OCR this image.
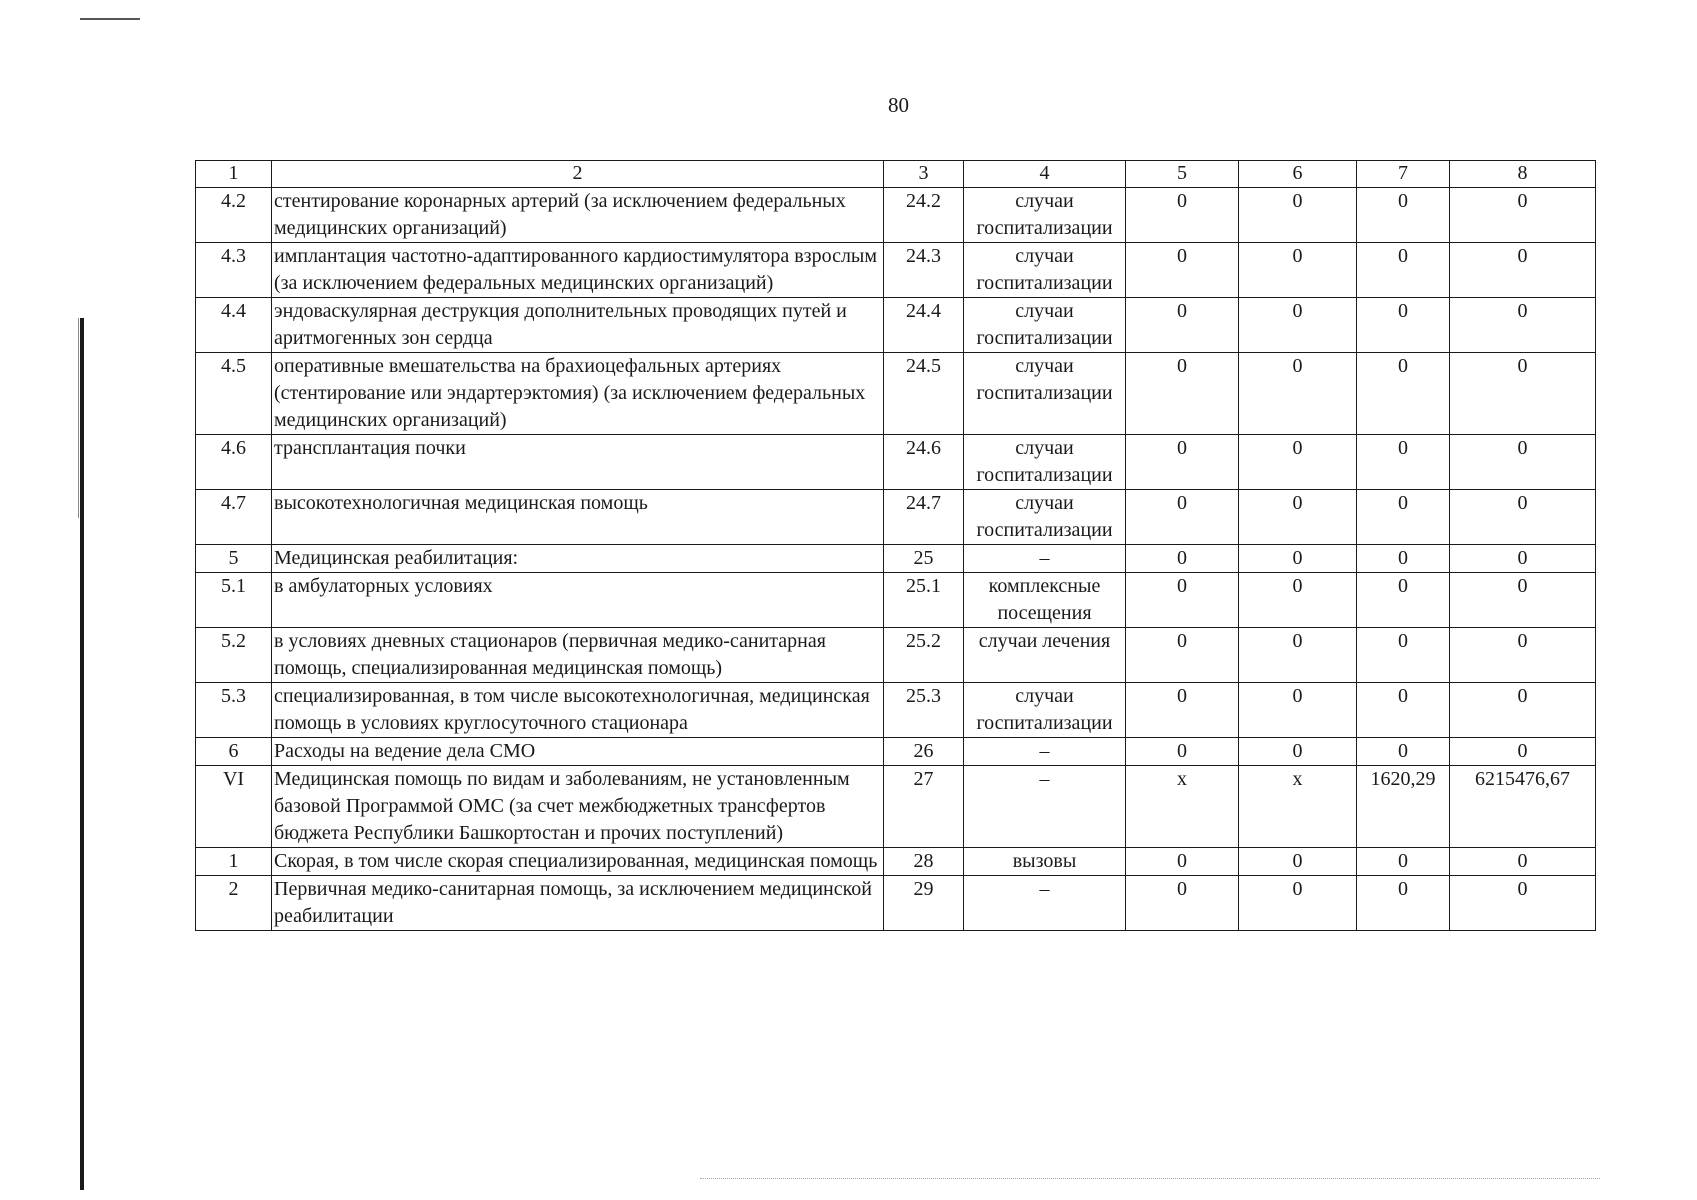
80
1	2	3	4	5	6	7	8
4.2	стентирование коронарных артерий (за исключением федеральных медицинских организаций)	24.2	случаи госпитализации	0	0	0	0
4.3	имплантация частотно-адаптированного кардиостимулятора взрослым (за исключением федеральных медицинских организаций)	24.3	случаи госпитализации	0	0	0	0
4.4	эндоваскулярная деструкция дополнительных проводящих путей и аритмогенных зон сердца	24.4	случаи госпитализации	0	0	0	0
4.5	оперативные вмешательства на брахиоцефальных артериях (стентирование или эндартерэктомия) (за исключением федеральных медицинских организаций)	24.5	случаи госпитализации	0	0	0	0
4.6	трансплантация почки	24.6	случаи госпитализации	0	0	0	0
4.7	высокотехнологичная медицинская помощь	24.7	случаи госпитализации	0	0	0	0
5	Медицинская реабилитация:	25	–	0	0	0	0
5.1	в амбулаторных условиях	25.1	комплексные посещения	0	0	0	0
5.2	в условиях дневных стационаров (первичная медико-санитарная помощь, специализированная медицинская помощь)	25.2	случаи лечения	0	0	0	0
5.3	специализированная, в том числе высокотехнологичная, медицинская помощь в условиях круглосуточного стационара	25.3	случаи госпитализации	0	0	0	0
6	Расходы на ведение дела СМО	26	–	0	0	0	0
VI	Медицинская помощь по видам и заболеваниям, не установленным базовой Программой ОМС (за счет межбюджетных трансфертов бюджета Республики Башкортостан и прочих поступлений)	27	–	х	х	1620,29	6215476,67
1	Скорая, в том числе скорая специализированная, медицинская помощь	28	вызовы	0	0	0	0
2	Первичная медико-санитарная помощь, за исключением медицинской реабилитации	29	–	0	0	0	0
